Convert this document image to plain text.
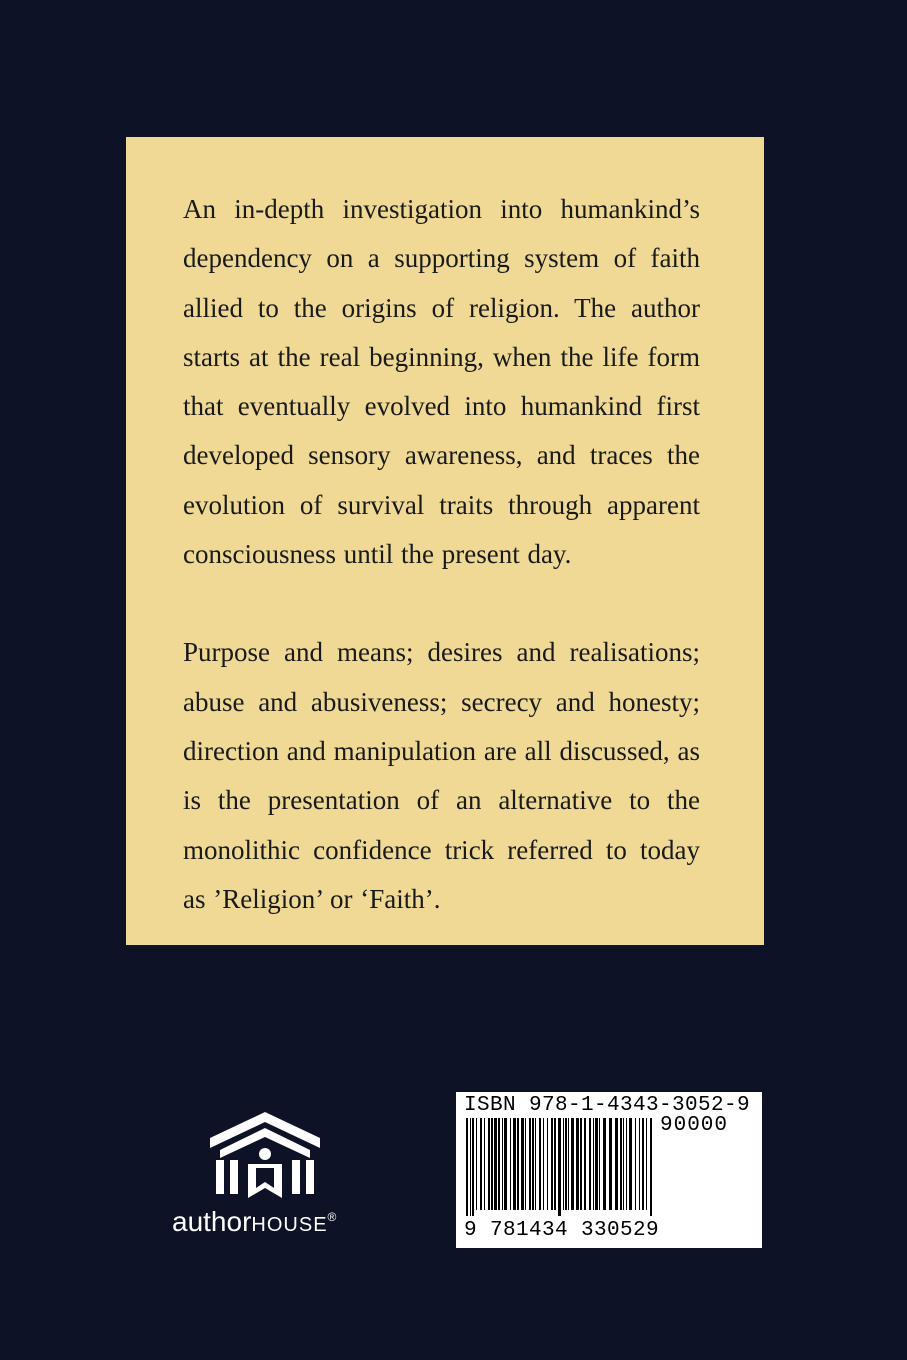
An in-depth investigation into humankind’s dependency on a supporting system of faith allied to the origins of religion. The author starts at the real beginning, when the life form that eventually evolved into humankind first developed sensory awareness, and traces the evolution of survival traits through apparent consciousness until the present day.

Purpose and means; desires and realisations; abuse and abusiveness; secrecy and honesty; direction and manipulation are all discussed, as is the presentation of an alternative to the monolithic confidence trick referred to today as ’Religion’ or ‘Faith’.

authorHOUSE®
ISBN 978-1-4343-3052-9
90000
9 781434 330529
